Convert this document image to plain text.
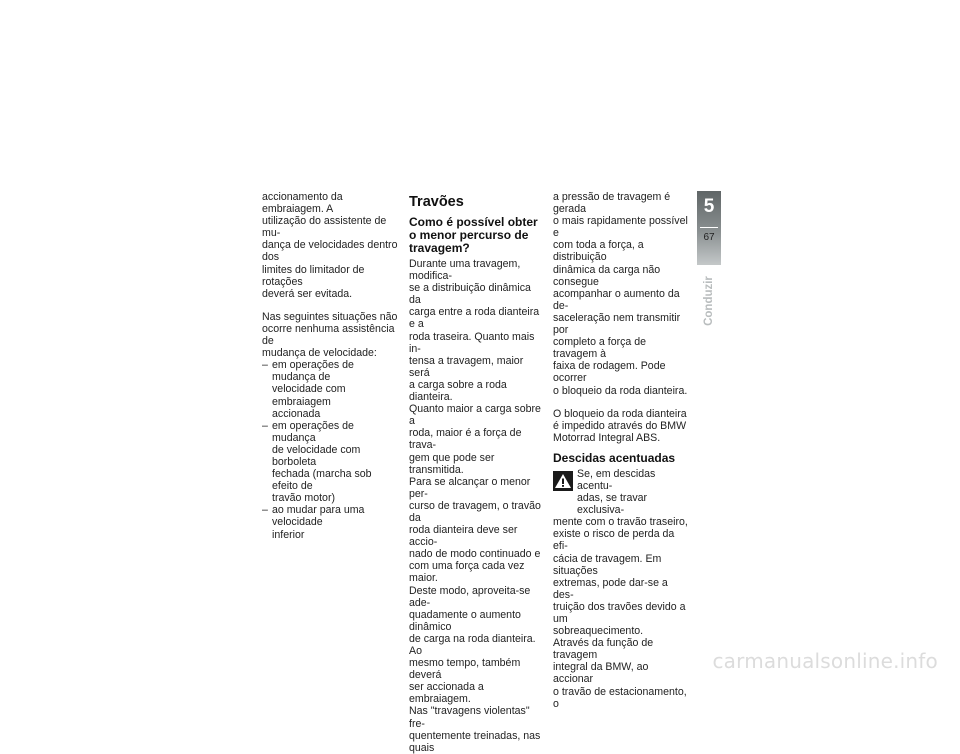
accionamento da embraiagem. A
utilização do assistente de mu-
dança de velocidades dentro dos
limites do limitador de rotações
deverá ser evitada.

Nas seguintes situações não
ocorre nenhuma assistência de
mudança de velocidade:

– em operações de mudança de
velocidade com embraiagem
accionada
– em operações de mudança
de velocidade com borboleta
fechada (marcha sob efeito de
travão motor)
– ao mudar para uma velocidade
inferior
Travões
Como é possível obter
o menor percurso de
travagem?

Durante uma travagem, modifica-
se a distribuição dinâmica da
carga entre a roda dianteira e a
roda traseira. Quanto mais in-
tensa a travagem, maior será
a carga sobre a roda dianteira.
Quanto maior a carga sobre a
roda, maior é a força de trava-
gem que pode ser transmitida.
Para se alcançar o menor per-
curso de travagem, o travão da
roda dianteira deve ser accio-
nado de modo continuado e
com uma força cada vez maior.
Deste modo, aproveita-se ade-
quadamente o aumento dinâmico
de carga na roda dianteira. Ao
mesmo tempo, também deverá
ser accionada a embraiagem.
Nas "travagens violentas" fre-
quentemente treinadas, nas quais

a pressão de travagem é gerada
o mais rapidamente possível e
com toda a força, a distribuição
dinâmica da carga não consegue
acompanhar o aumento da de-
saceleração nem transmitir por
completo a força de travagem à
faixa de rodagem. Pode ocorrer
o bloqueio da roda dianteira.

O bloqueio da roda dianteira
é impedido através do BMW
Motorrad Integral ABS.

Descidas acentuadas
Se, em descidas acentu-
adas, se travar exclusiva-

mente com o travão traseiro,
existe o risco de perda da efi-
cácia de travagem. Em situações
extremas, pode dar-se a des-
truição dos travões devido a um
sobreaquecimento.
Através da função de travagem
integral da BMW, ao accionar
o travão de estacionamento, o

5
67
Conduzir
carmanualsonline.info
